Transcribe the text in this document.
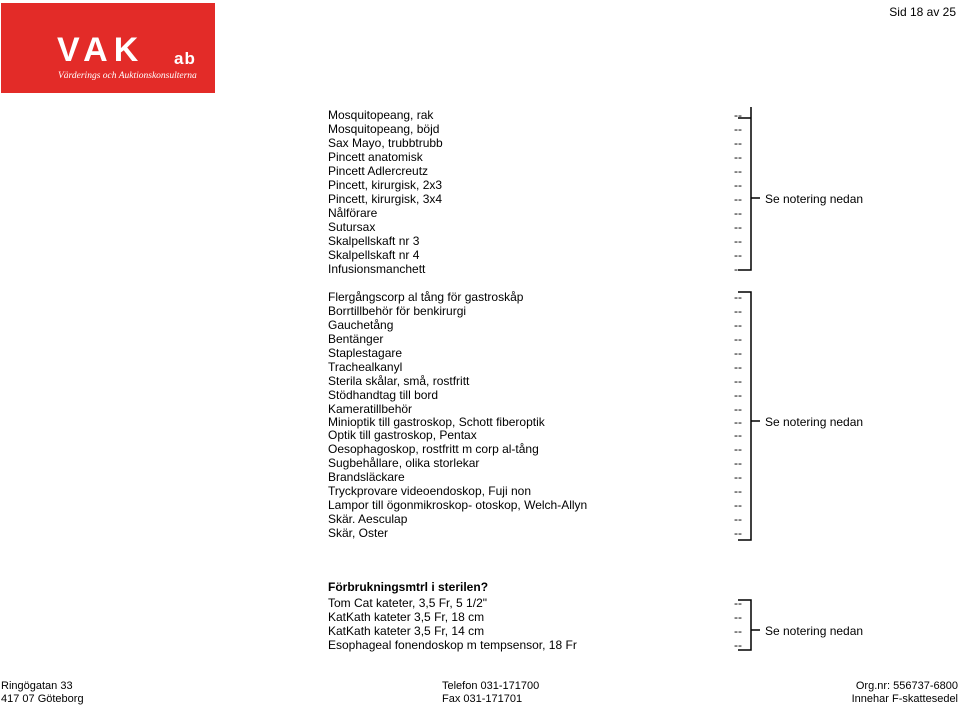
VAK ab
Värderings och Auktionskonsulterna
Sid 18 av 25
Mosquitopeang, rak	--
Mosquitopeang, böjd	--
Sax Mayo, trubbtrubb	--
Pincett anatomisk	--
Pincett Adlercreutz	--
Pincett, kirurgisk, 2x3	--
Pincett, kirurgisk, 3x4	--
Nålförare	--
Sutursax	--
Skalpellskaft nr 3	--
Skalpellskaft nr 4	--
Infusionsmanchett	--
Se notering nedan
Flergångscorp al tång för gastroskåp	--
Borrtillbehör för benkirurgi	--
Gauchetång	--
Bentänger	--
Staplestagare	--
Trachealkanyl	--
Sterila skålar, små, rostfritt	--
Stödhandtag till bord	--
Kameratillbehör	--
Minioptik till gastroskop, Schott fiberoptik	--
Optik till gastroskop, Pentax	--
Oesophagoskop, rostfritt m corp al-tång	--
Sugbehållare, olika storlekar	--
Brandsläckare	--
Tryckprovare videoendoskop, Fuji non	--
Lampor till ögonmikroskop- otoskop, Welch-Allyn	--
Skär. Aesculap	--
Skär, Oster	--
Se notering nedan
Förbrukningsmtrl i sterilen?
Tom Cat kateter, 3,5 Fr, 5 1/2"	--
KatKath kateter 3,5 Fr, 18 cm	--
KatKath kateter 3,5 Fr, 14 cm	--
Esophageal fonendoskop m tempsensor, 18 Fr	--
Se notering nedan
Ringögatan 33
417 07 Göteborg
Telefon 031-171700
Fax 031-171701
Org.nr: 556737-6800
Innehar F-skattesedel
